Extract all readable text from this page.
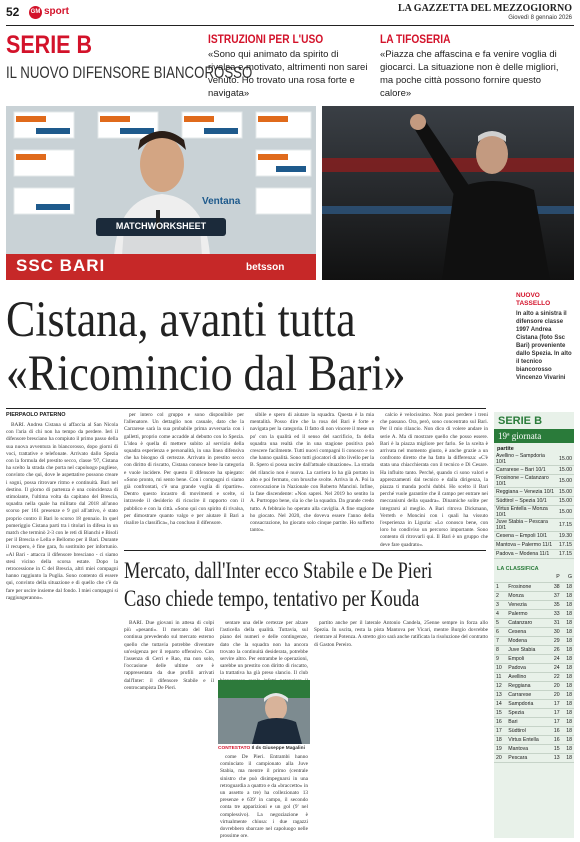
52 GM sport	LA GAZZETTA DEL MEZZOGIORNO
Giovedì 8 gennaio 2026
SERIE B
IL NUOVO DIFENSORE BIANCOROSSO
ISTRUZIONI PER L'USO
«Sono qui animato da spirito di rivalsa e motivato, altrimenti non sarei venuto. Ho trovato una rosa forte e navigata»
LA TIFOSERIA
«Piazza che affascina e fa venire voglia di giocarci. La situazione non è delle migliori, ma poche città possono fornire questo calore»
MATCHWORKSHEET
SSC BARI
Ventana
betsson
Cistana, avanti tutta
«Ricomincio dal Bari»
NUOVO TASSELLO
In alto a sinistra il difensore classe 1997 Andrea Cistana (foto Ssc Bari) proveniente dallo Spezia. In alto il tecnico biancorosso Vincenzo Vivarini
PIERPAOLO PATERNO

BARI. Andrea Cistana si affaccia al San Nicola con l'aria di chi non ha tempo da perdere. Ieri il difensore bresciano ha compiuto il primo passo della sua nuova avventura in biancorosso, dopo giorni di voci, trattative e telefonate. Arrivato dallo Spezia con la formula del prestito secco, classe '97, Cistana ha scelto la strada che porta nel capoluogo pugliese, convinto che qui, dove le aspettative possono creare i sogni, possa ritrovare ritmo e continuità. Bari nel destino. Il giorno di partenza è una coincidenza di stimolante, l'ultima volta da capitano del Brescia, squadra nella quale ha militato dal 2018 all'anno scorso per 161 presenze e 9 gol all'attivo, è stato proprio contro il Bari lo scorso 18 gennaio. In quel pomeriggio Cistana parti tra i titolari in difesa in un match che terminò 2-3 con le reti di Bianchi e Bisoli per il Brescia e Lella e Bellomo per il Bari. Durante il recupero, è fine gara, fu sostituito per infortunio. «Al Bari - attacca il difensore bresciano - ci siamo stesi vicino della scorsa estate. Dopo la retrocessione in C del Brescia, altri miei compagni hanno raggiunto la Puglia. Sono contento di essere qui, convinto della situazione e di quello che c'è da fare per uscire insieme dal fondo. I miei compagni si raggiungeranno».

per intero col gruppo e sono disponibile per l'allenatore. Un dettaglio non casuale, dato che la Carrarese sarà la sua probabile prima avversaria con i galletti, proprio come accadde al debutto con lo Spezia. L'idea è quella di mettere subito al servizio della squadra esperienza e personalità, in una linea difensiva che ha bisogno di certezze. Arrivato in prestito secco con diritto di riscatto, Cistana conosce bene la categoria e vuole incidere. Per questo il difensore ha spiegato: «Sono pronto, mi sento bene. Con i compagni ci siamo già confrontati, c'è una grande voglia di ripartire». Dentro questo incastro di movimenti e scelte, si intravede il desiderio di ricucire il rapporto con il pubblico e con la città. «Sono qui con spirito di rivalsa, per dimostrare quanto valgo e per aiutare il Bari a risalire la classifica», ha concluso il difensore.

sibile e spero di aiutare la squadra. Questa è la mia mentalità. Posso dire che la rosa del Bari è forte e navigata per la categoria. Il fatto di non vincere il mese un po' con la qualità ed il senso del sacrificio, fa della squadra una realtà che in una stagione positiva può crescere facilmente. Tutti nuovi compagni li conosco e so che hanno qualità. Sono tutti giocatori di alto livello per la B. Spero si possa uscire dall'attuale situazione». La strada del rilancio non è nuova. La carriera lo ha già portato in alto e poi fermato, con brusche svolte. Arriva in A. Poi la convocazione in Nazionale con Roberto Mancini. Infine, la fase discendente: «Non saprei. Nel 2019 ho sentito la A. Purtroppo bene, sia io che la squadra. Da grande credo tutto. A febbraio ho operato alla caviglia. A fine stagione ho giocato. Nel 2020, che doveva essere l'anno della consacrazione, ho giocato solo cinque partite. Ho sofferto tanto».

calcio è velocissimo. Non puoi perdere i treni che passano. Ora, però, sono concentrato sul Bari. Per il mio rilancio. Non dico di volere andare in serie A. Ma di mostrare quello che posso essere. Bari è la piazza migliore per farlo. Se la scelta è arrivata nel momento giusto, è anche grazie a un confronto diretto che ha fatto la differenza: «C'è stata una chiacchierata con il tecnico e Di Cesare. Ha influito tanto. Perché, quando ci sono valori e apprezzamenti dal tecnico e dalla dirigenza, la piazza ti manda pochi dubbi. Ho scelto il Bari perché vuole garantire che il campo per entrare nei meccanismi della squadra». Dinamiche solite per integrarsi al meglio. A Bari ritrova Dickmann, Verreth e Moncini con i quali ha vissuto l'esperienza in Liguria: «Lo conosco bene, con loro ho condiviso un percorso importante. Sono contento di ritrovarli qui. Il Bari è un gruppo che deve fare quadrato».

Mercato, dall'Inter ecco Stabile e De Pieri
Caso chiede tempo, tentativo per Kouda

BARI. Due giovani in attesa di colpi più «pesanti». Il mercato del Bari continua prevedendo sul mercato esterno quello che tuttavia potrebbe diventare un'esigenza per il reparto offensivo. Con l'assenza di Cerri e Rao, ma non solo, l'occasione delle ultime ore è rappresentata da due profili arrivati dall'Inter: il difensore Stabile e il centrocampista De Pieri.

sentare una delle certezze per alzare l'asticella della qualità. Tuttavia, sul piano dei numeri e delle contingenze, dato che la squadra non ha ancora trovato la continuità desiderata, potrebbe servire altro. Per entrambe le operazioni, sarebbe un prestito con diritto di riscatto, la trattativa ha già preso slancio. Il club

CONTESTATO Il ds Giuseppe Magalini

come De Pieri. Entrambi hanno cominciato il campionato alla Juve Stabia, ma mentre il primo (centrale sinistro che può disimpegnarsi in una retroguardia a quattro e da «braccetto» in un assetto a tre) ha collezionato 13 presenze e 639' in campo, il secondo conta tre apparizioni e un gol (9' nel complessivo). La negoziazione è virtualmente chiusa: i due ragazzi dovrebbero sbarcare nel capoluogo nelle prossime ore.

partito anche per il laterale Antonio Candela, 25enne sempre in forza allo Spezia. In uscita, resta la pista Mantova per Vicari, mentre Burgio dovrebbe rientrare al Potenza. A stretto giro sarà anche ratificata la risoluzione del contratto di Gaston Pereiro.

SERIE B
19ª giornata
partite
Avellino – Sampdoria 10/1	15.00
Carrarese – Bari 10/1	15.00
Frosinone – Catanzaro 10/1	15.00
Reggiana – Venezia 10/1	15.00
Südtirol – Spezia 10/1	15.00
Virtus Entella – Monza 10/1	15.00
Juve Stabia – Pescara 10/1	17.15
Cesena – Empoli 10/1	19.30
Mantova – Palermo 11/1	17.15
Padova – Modena 11/1	17.15
LA CLASSIFICA
		P	G
1	Frosinone	38	18
2	Monza	37	18
3	Venezia	35	18
4	Palermo	33	18
5	Catanzaro	31	18
6	Cesena	30	18
7	Modena	29	18
8	Juve Stabia	26	18
9	Empoli	24	18
10	Padova	24	18
11	Avellino	22	18
12	Reggiana	20	18
13	Carrarese	20	18
14	Sampdoria	17	18
15	Spezia	17	18
16	Bari	17	18
17	Südtirol	16	18
18	Virtus Entella	16	18
19	Mantova	15	18
20	Pescara	13	18
